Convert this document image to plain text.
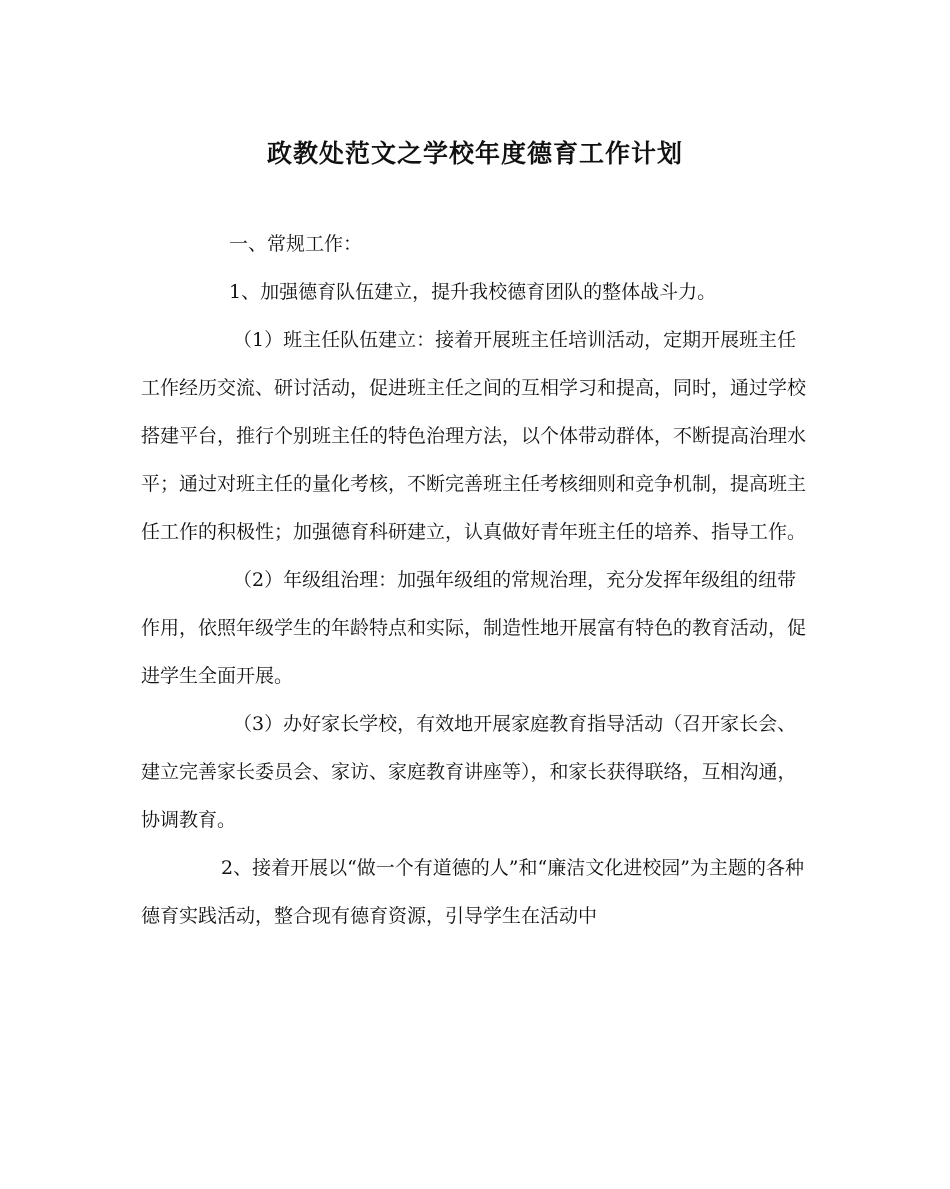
政教处范文之学校年度德育工作计划

一、常规工作：

1、加强德育队伍建立，提升我校德育团队的整体战斗力。

（1）班主任队伍建立：接着开展班主任培训活动，定期开展班主任工作经历交流、研讨活动，促进班主任之间的互相学习和提高，同时，通过学校搭建平台，推行个别班主任的特色治理方法，以个体带动群体，不断提高治理水平；通过对班主任的量化考核，不断完善班主任考核细则和竞争机制，提高班主任工作的积极性；加强德育科研建立，认真做好青年班主任的培养、指导工作。

（2）年级组治理：加强年级组的常规治理，充分发挥年级组的纽带作用，依照年级学生的年龄特点和实际，制造性地开展富有特色的教育活动，促进学生全面开展。

（3）办好家长学校，有效地开展家庭教育指导活动（召开家长会、建立完善家长委员会、家访、家庭教育讲座等），和家长获得联络，互相沟通，协调教育。

2、接着开展以“做一个有道德的人”和“廉洁文化进校园”为主题的各种德育实践活动，整合现有德育资源，引导学生在活动中
